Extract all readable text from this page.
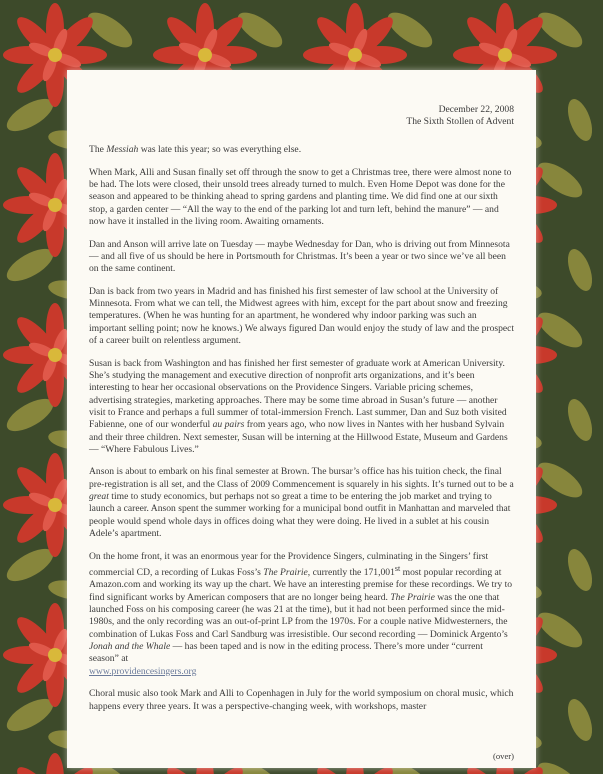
December 22, 2008
The Sixth Stollen of Advent

The Messiah was late this year; so was everything else.

When Mark, Alli and Susan finally set off through the snow to get a Christmas tree, there were almost none to be had. The lots were closed, their unsold trees already turned to mulch. Even Home Depot was done for the season and appeared to be thinking ahead to spring gardens and planting time. We did find one at our sixth stop, a garden center — “All the way to the end of the parking lot and turn left, behind the manure” — and now have it installed in the living room. Awaiting ornaments.

Dan and Anson will arrive late on Tuesday — maybe Wednesday for Dan, who is driving out from Minnesota — and all five of us should be here in Portsmouth for Christmas. It’s been a year or two since we’ve all been on the same continent.

Dan is back from two years in Madrid and has finished his first semester of law school at the University of Minnesota. From what we can tell, the Midwest agrees with him, except for the part about snow and freezing temperatures. (When he was hunting for an apartment, he wondered why indoor parking was such an important selling point; now he knows.) We always figured Dan would enjoy the study of law and the prospect of a career built on relentless argument.

Susan is back from Washington and has finished her first semester of graduate work at American University. She’s studying the management and executive direction of nonprofit arts organizations, and it’s been interesting to hear her occasional observations on the Providence Singers. Variable pricing schemes, advertising strategies, marketing approaches. There may be some time abroad in Susan’s future — another visit to France and perhaps a full summer of total-immersion French. Last summer, Dan and Suz both visited Fabienne, one of our wonderful au pairs from years ago, who now lives in Nantes with her husband Sylvain and their three children. Next semester, Susan will be interning at the Hillwood Estate, Museum and Gardens — “Where Fabulous Lives.”

Anson is about to embark on his final semester at Brown. The bursar’s office has his tuition check, the final pre-registration is all set, and the Class of 2009 Commencement is squarely in his sights. It’s turned out to be a great time to study economics, but perhaps not so great a time to be entering the job market and trying to launch a career. Anson spent the summer working for a municipal bond outfit in Manhattan and marveled that people would spend whole days in offices doing what they were doing. He lived in a sublet at his cousin Adele’s apartment.

On the home front, it was an enormous year for the Providence Singers, culminating in the Singers’ first commercial CD, a recording of Lukas Foss’s The Prairie, currently the 171,001st most popular recording at Amazon.com and working its way up the chart. We have an interesting premise for these recordings. We try to find significant works by American composers that are no longer being heard. The Prairie was the one that launched Foss on his composing career (he was 21 at the time), but it had not been performed since the mid-1980s, and the only recording was an out-of-print LP from the 1970s. For a couple native Midwesterners, the combination of Lukas Foss and Carl Sandburg was irresistible. Our second recording — Dominick Argento’s Jonah and the Whale — has been taped and is now in the editing process. There’s more under “current season” at
www.providencesingers.org

Choral music also took Mark and Alli to Copenhagen in July for the world symposium on choral music, which happens every three years. It was a perspective-changing week, with workshops, master

(over)
